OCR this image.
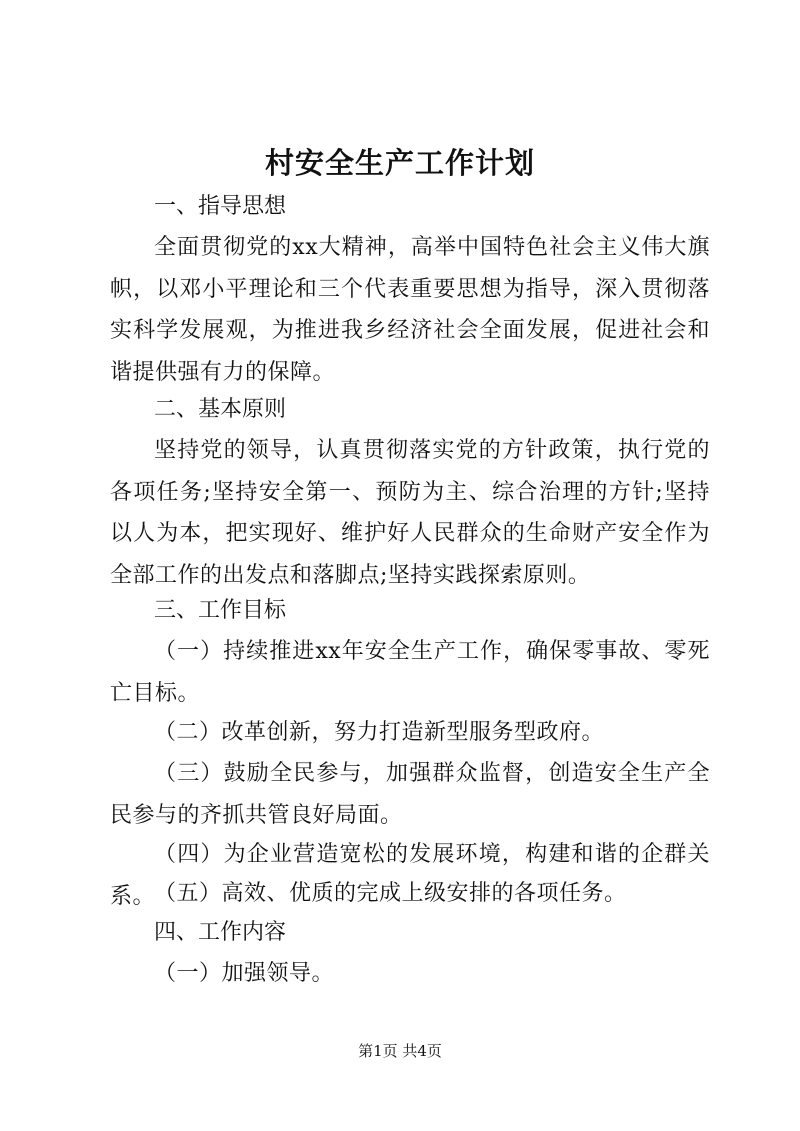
村安全生产工作计划
一、指导思想
全面贯彻党的xx大精神，高举中国特色社会主义伟大旗帜，以邓小平理论和三个代表重要思想为指导，深入贯彻落实科学发展观，为推进我乡经济社会全面发展，促进社会和谐提供强有力的保障。
二、基本原则
坚持党的领导，认真贯彻落实党的方针政策，执行党的各项任务;坚持安全第一、预防为主、综合治理的方针;坚持以人为本，把实现好、维护好人民群众的生命财产安全作为全部工作的出发点和落脚点;坚持实践探索原则。
三、工作目标
（一）持续推进xx年安全生产工作，确保零事故、零死亡目标。
（二）改革创新，努力打造新型服务型政府。
（三）鼓励全民参与，加强群众监督，创造安全生产全民参与的齐抓共管良好局面。
（四）为企业营造宽松的发展环境，构建和谐的企群关系。
（五）高效、优质的完成上级安排的各项任务。
四、工作内容
（一）加强领导。
第1页 共4页
